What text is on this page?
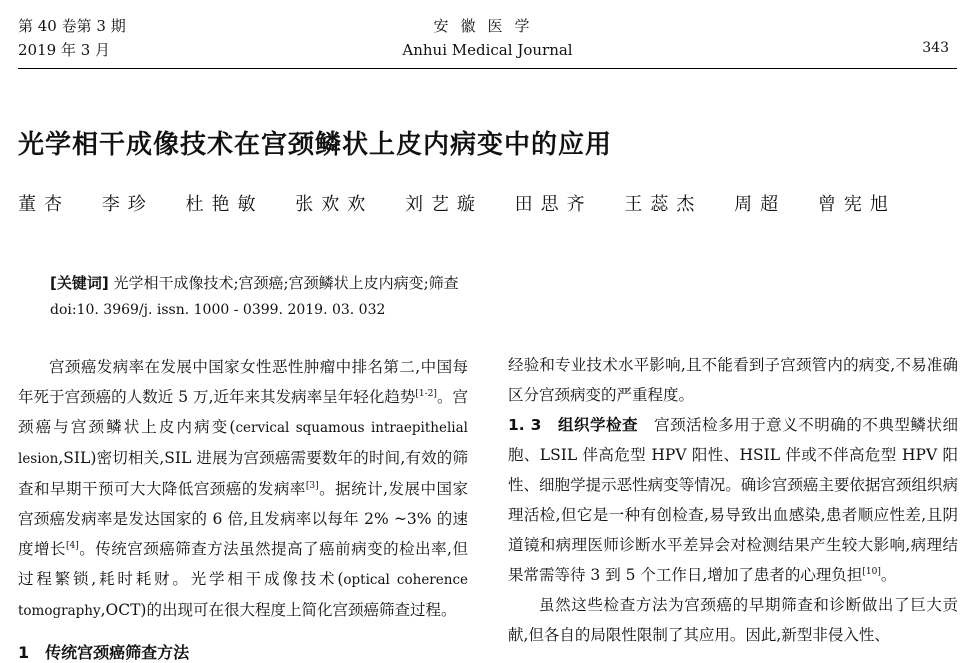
第 40 卷第 3 期
2019 年 3 月
安徽医学
Anhui Medical Journal	343
光学相干成像技术在宫颈鳞状上皮内病变中的应用
董杏 李珍 杜艳敏 张欢欢 刘艺璇 田思齐 王蕊杰 周超 曾宪旭
[关键词] 光学相干成像技术;宫颈癌;宫颈鳞状上皮内病变;筛查
doi:10. 3969/j. issn. 1000 - 0399. 2019. 03. 032

宫颈癌发病率在发展中国家女性恶性肿瘤中排名第二,中国每年死于宫颈癌的人数近 5 万,近年来其发病率呈年轻化趋势[1-2]。宫颈癌与宫颈鳞状上皮内病变(cervical squamous intraepithelial lesion,SIL)密切相关,SIL 进展为宫颈癌需要数年的时间,有效的筛查和早期干预可大大降低宫颈癌的发病率[3]。据统计,发展中国家宫颈癌发病率是发达国家的 6 倍,且发病率以每年 2% ~3% 的速度增长[4]。传统宫颈癌筛查方法虽然提高了癌前病变的检出率,但过程繁锁,耗时耗财。光学相干成像技术(optical coherence tomography,OCT)的出现可在很大程度上简化宫颈癌筛查过程。

1　传统宫颈癌筛查方法

经验和专业技术水平影响,且不能看到子宫颈管内的病变,不易准确区分宫颈病变的严重程度。

1. 3　 组织学检查　 宫颈活检多用于意义不明确的不典型鳞状细胞、LSIL 伴高危型 HPV 阳性、HSIL 伴或不伴高危型 HPV 阳性、细胞学提示恶性病变等情况。确诊宫颈癌主要依据宫颈组织病理活检,但它是一种有创检查,易导致出血感染,患者顺应性差,且阴道镜和病理医师诊断水平差异会对检测结果产生较大影响,病理结果常需等待 3 到 5 个工作日,增加了患者的心理负担[10]。

虽然这些检查方法为宫颈癌的早期筛查和诊断做出了巨大贡献,但各自的局限性限制了其应用。因此,新型非侵入性、
